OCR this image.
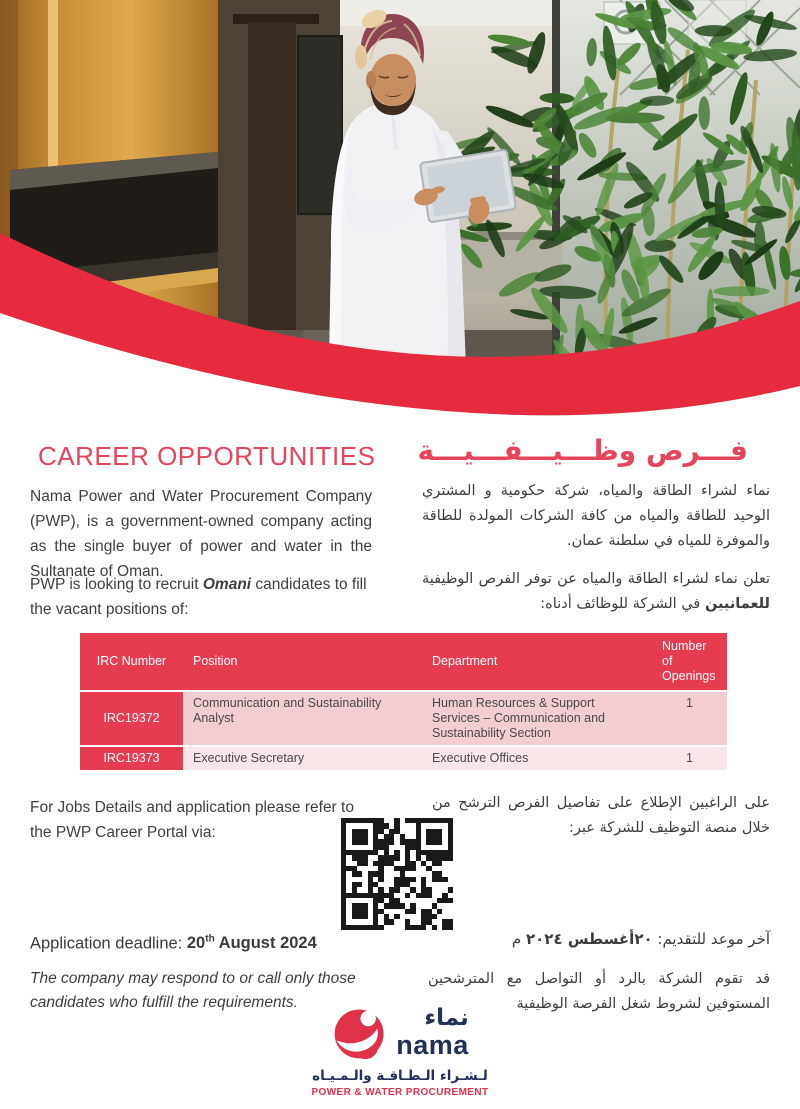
CAREER OPPORTUNITIES فـــرص وظـــيـــفـــيـــة

Nama Power and Water Procurement Company (PWP), is a government-owned company acting as the single buyer of power and water in the Sultanate of Oman.

PWP is looking to recruit Omani candidates to fill the vacant positions of:

نماء لشراء الطاقة والمياه، شركة حكومية و المشتري الوحيد للطاقة والمياه من كافة الشركات المولدة للطاقة والموفرة للمياه في سلطنة عمان.

تعلن نماء لشراء الطاقة والمياه عن توفر الفرص الوظيفية للعمانيين في الشركة للوظائف أدناه:

IRC Number	Position	Department	Number of Openings
IRC19372	Communication and Sustainability Analyst	Human Resources & Support Services – Communication and Sustainability Section	1
IRC19373	Executive Secretary	Executive Offices	1

For Jobs Details and application please refer to the PWP Career Portal via:

على الراغبين الإطلاع على تفاصيل الفرص الترشح من خلال منصة التوظيف للشركة عبر:

Application deadline: 20th August 2024	آخر موعد للتقديم: ٢٠أغسطس ٢٠٢٤ م

The company may respond to or call only those candidates who fulfill the requirements.

قد تقوم الشركة بالرد أو التواصل مع المترشحين المستوفين لشروط شغل الفرصة الوظيفية

نماء
nama
لـشـراء الـطـاقـة والـمـيـاه
POWER & WATER PROCUREMENT
